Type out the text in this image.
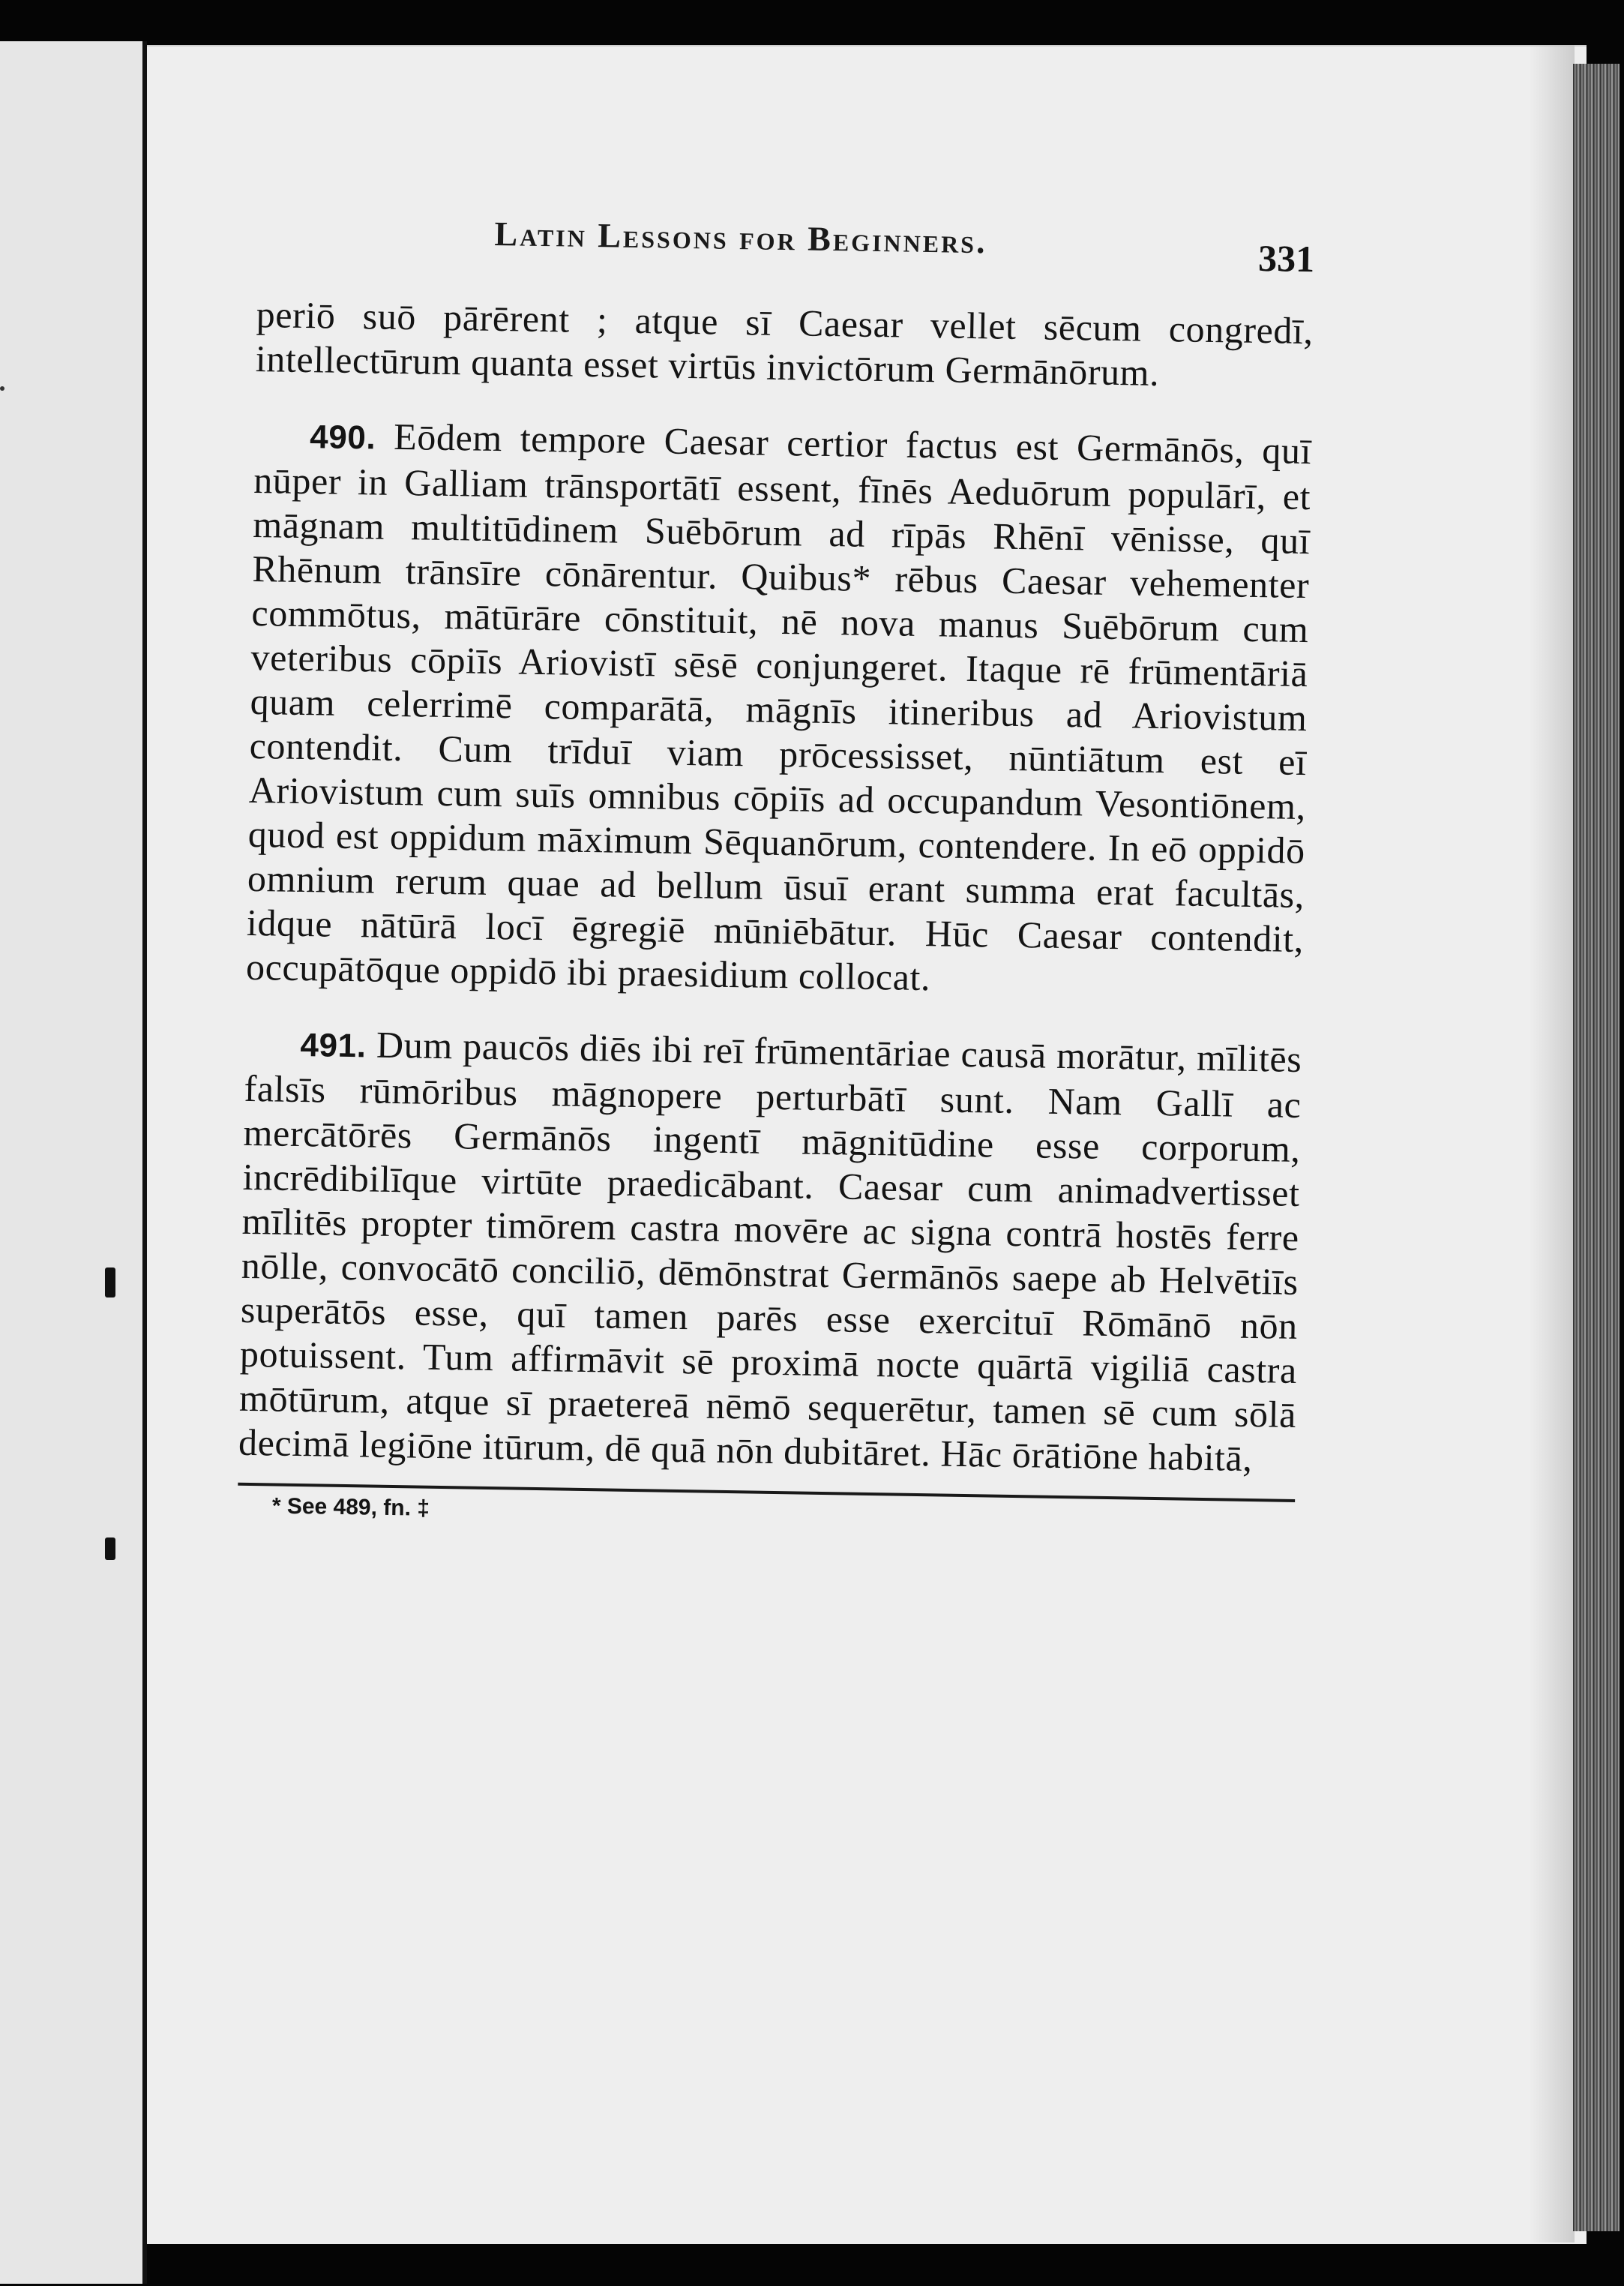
Latin Lessons for Beginners.	331

periō suō pārērent ; atque sī Caesar vellet sēcum congredī, intellectūrum quanta esset virtūs invictōrum Germānōrum.

490. Eōdem tempore Caesar certior factus est Germānōs, quī nūper in Galliam trānsportātī essent, fīnēs Aeduōrum populārī, et māgnam multitūdinem Suēbōrum ad rīpās Rhēnī vēnisse, quī Rhēnum trānsīre cōnārentur. Quibus* rēbus Caesar vehementer commōtus, mātūrāre cōnstituit, nē nova manus Suēbōrum cum veteribus cōpiīs Ariovistī sēsē conjungeret. Itaque rē frūmentāriā quam celerrimē comparātā, māgnīs itineribus ad Ariovistum contendit. Cum trīduī viam prōcessisset, nūntiātum est eī Ariovistum cum suīs omnibus cōpiīs ad occupandum Vesontiōnem, quod est oppidum māximum Sēquanōrum, contendere. In eō oppidō omnium rerum quae ad bellum ūsuī erant summa erat facultās, idque nātūrā locī ēgregiē mūniēbātur. Hūc Caesar contendit, occupātōque oppidō ibi praesidium collocat.

491. Dum paucōs diēs ibi reī frūmentāriae causā morātur, mīlitēs falsīs rūmōribus māgnopere perturbātī sunt. Nam Gallī ac mercātōrēs Germānōs ingentī māgnitūdine esse corporum, incrēdibilīque virtūte praedicābant. Caesar cum animadvertisset mīlitēs propter timōrem castra movēre ac signa contrā hostēs ferre nōlle, convocātō conciliō, dēmōnstrat Germānōs saepe ab Helvētiīs superātōs esse, quī tamen parēs esse exercituī Rōmānō nōn potuissent. Tum affirmāvit sē proximā nocte quārtā vigiliā castra mōtūrum, atque sī praetereā nēmō sequerētur, tamen sē cum sōlā decimā legiōne itūrum, dē quā nōn dubitāret. Hāc ōrātiōne habitā,

* See 489, fn. ‡
